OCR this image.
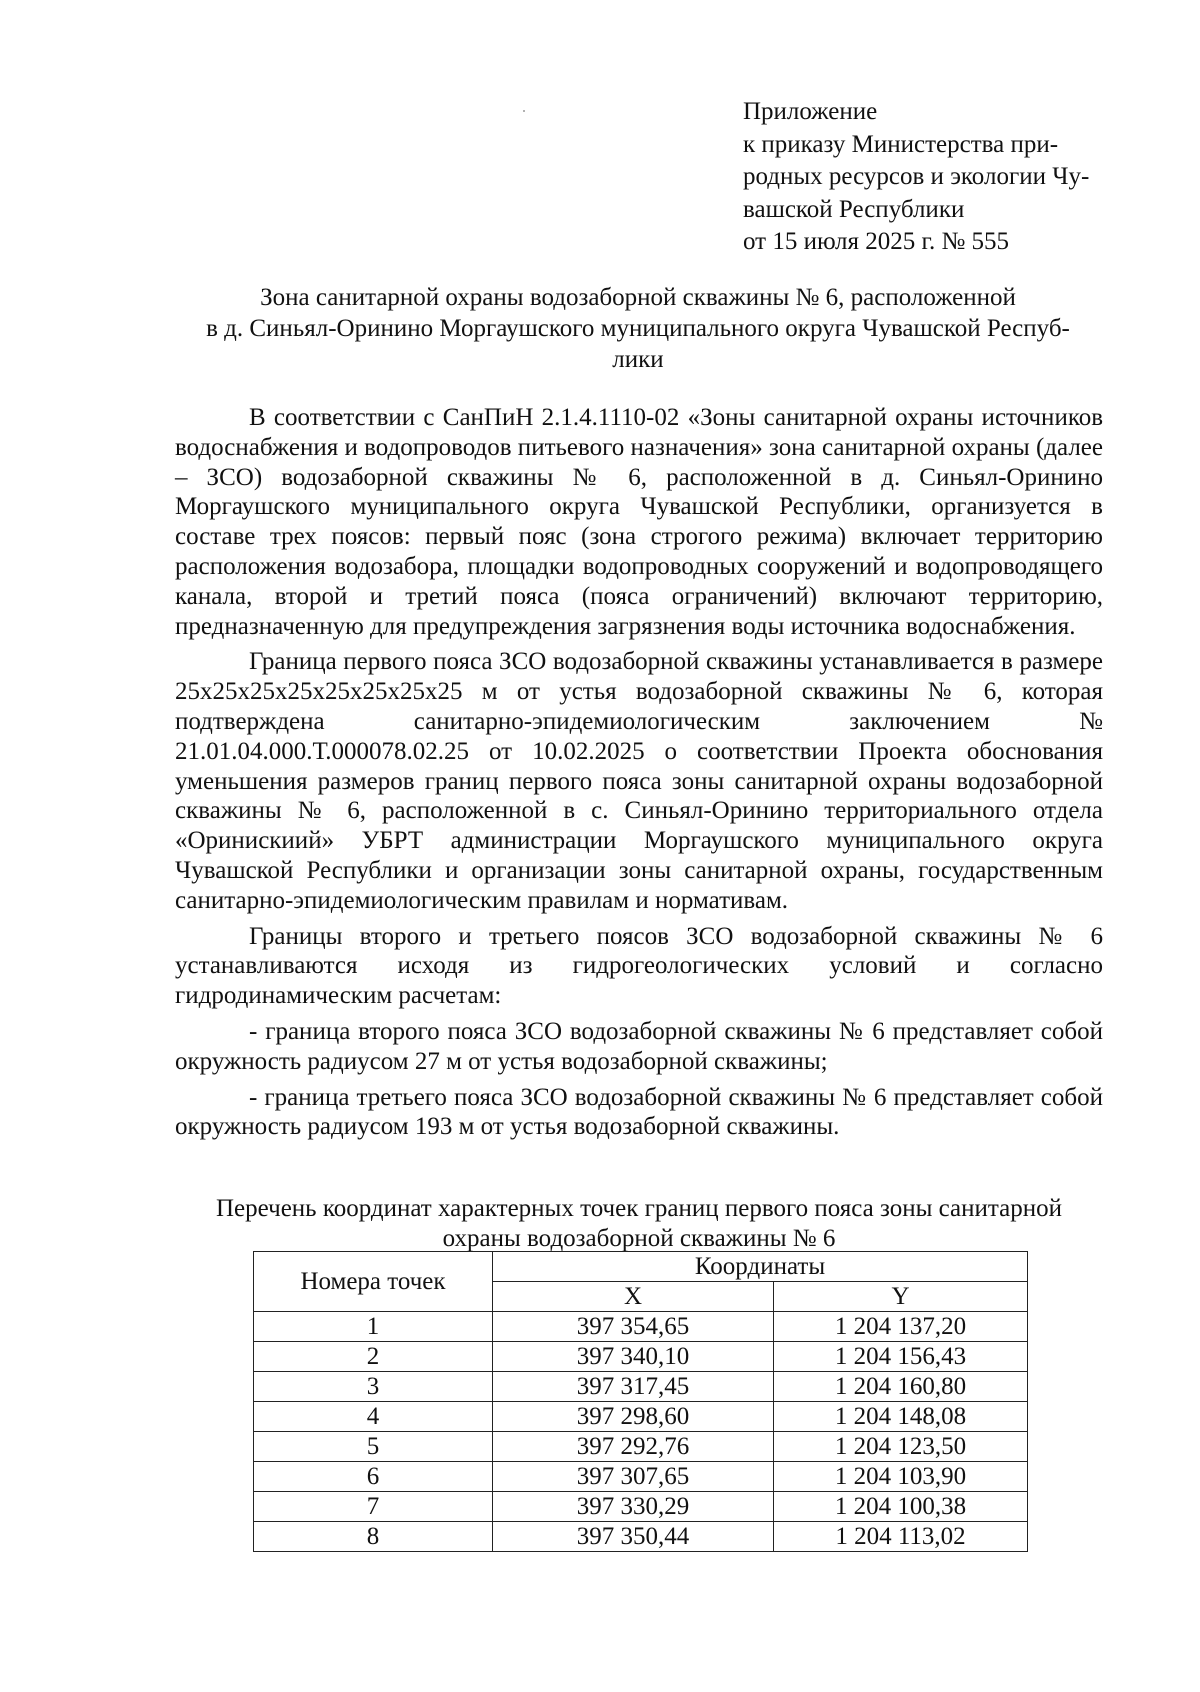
Приложение
к приказу Министерства при-
родных ресурсов и экологии Чу-
вашской Республики
от 15 июля 2025 г. № 555
Зона санитарной охраны водозаборной скважины № 6, расположенной
в д. Синьял-Оринино Моргаушского муниципального округа Чувашской Респуб-
лики

В соответствии с СанПиН 2.1.4.1110-02 «Зоны санитарной охраны источников водоснабжения и водопроводов питьевого назначения» зона санитарной охраны (далее – ЗСО) водозаборной скважины № 6, расположенной в д. Синьял-Оринино Моргаушского муниципального округа Чувашской Республики, организуется в составе трех поясов: первый пояс (зона строгого режима) включает территорию расположения водозабора, площадки водопроводных сооружений и водопроводящего канала, второй и третий пояса (пояса ограничений) включают территорию, предназначенную для предупреждения загрязнения воды источника водоснабжения.

Граница первого пояса ЗСО водозаборной скважины устанавливается в размере 25х25х25х25х25х25х25х25 м от устья водозаборной скважины № 6, которая подтверждена санитарно-эпидемиологическим заключением № 21.01.04.000.Т.000078.02.25 от 10.02.2025 о соответствии Проекта обоснования уменьшения размеров границ первого пояса зоны санитарной охраны водозаборной скважины № 6, расположенной в с. Синьял-Оринино территориального отдела «Оринискиий» УБРТ администрации Моргаушского муниципального округа Чувашской Республики и организации зоны санитарной охраны, государственным санитарно-эпидемиологическим правилам и нормативам.

Границы второго и третьего поясов ЗСО водозаборной скважины № 6 устанавливаются исходя из гидрогеологических условий и согласно гидродинамическим расчетам:

- граница второго пояса ЗСО водозаборной скважины № 6 представляет собой окружность радиусом 27 м от устья водозаборной скважины;

- граница третьего пояса ЗСО водозаборной скважины № 6 представляет собой окружность радиусом 193 м от устья водозаборной скважины.

Перечень координат характерных точек границ первого пояса зоны санитарной
охраны водозаборной скважины № 6
Номера точек	Координаты	
	X	Y
1	397 354,65	1 204 137,20
2	397 340,10	1 204 156,43
3	397 317,45	1 204 160,80
4	397 298,60	1 204 148,08
5	397 292,76	1 204 123,50
6	397 307,65	1 204 103,90
7	397 330,29	1 204 100,38
8	397 350,44	1 204 113,02
